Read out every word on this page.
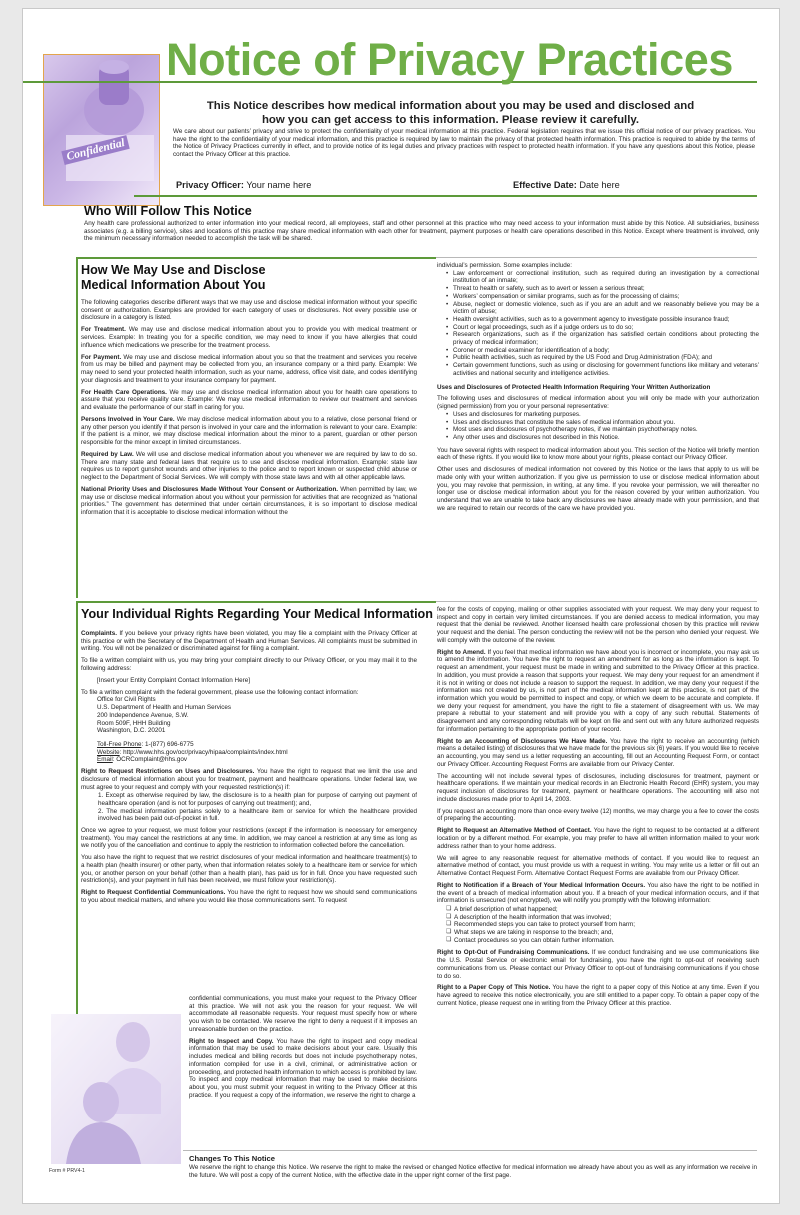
Confidential
Notice of Privacy Practices
This Notice describes how medical information about you may be used and disclosed and how you can get access to this information. Please review it carefully.
We care about our patients’ privacy and strive to protect the confidentiality of your medical information at this practice. Federal legislation requires that we issue this official notice of our privacy practices. You have the right to the confidentiality of your medical information, and this practice is required by law to maintain the privacy of that protected health information. This practice is required to abide by the terms of the Notice of Privacy Practices currently in effect, and to provide notice of its legal duties and privacy practices with respect to protected health information. If you have any questions about this Notice, please contact the Privacy Officer at this practice.
Privacy Officer: Your name here	Effective Date: Date here
Who Will Follow This Notice
Any health care professional authorized to enter information into your medical record, all employees, staff and other personnel at this practice who may need access to your information must abide by this Notice. All subsidiaries, business associates (e.g. a billing service), sites and locations of this practice may share medical information with each other for treatment, payment purposes or health care operations described in this Notice. Except where treatment is involved, only the minimum necessary information needed to accomplish the task will be shared.
How We May Use and Disclose Medical Information About You

The following categories describe different ways that we may use and disclose medical information without your specific consent or authorization. Examples are provided for each category of uses or disclosures. Not every possible use or disclosure in a category is listed.

For Treatment. We may use and disclose medical information about you to provide you with medical treatment or services. Example: In treating you for a specific condition, we may need to know if you have allergies that could influence which medications we prescribe for the treatment process.

For Payment. We may use and disclose medical information about you so that the treatment and services you receive from us may be billed and payment may be collected from you, an insurance company or a third party. Example: We may need to send your protected health information, such as your name, address, office visit date, and codes identifying your diagnosis and treatment to your insurance company for payment.

For Health Care Operations. We may use and disclose medical information about you for health care operations to assure that you receive quality care. Example: We may use medical information to review our treatment and services and evaluate the performance of our staff in caring for you.

Persons Involved in Your Care. We may disclose medical information about you to a relative, close personal friend or any other person you identify if that person is involved in your care and the information is relevant to your care. Example: If the patient is a minor, we may disclose medical information about the minor to a parent, guardian or other person responsible for the minor except in limited circumstances.

Required by Law. We will use and disclose medical information about you whenever we are required by law to do so. There are many state and federal laws that require us to use and disclose medical information. Example: state law requires us to report gunshot wounds and other injuries to the police and to report known or suspected child abuse or neglect to the Department of Social Services. We will comply with those state laws and with all other applicable laws.

National Priority Uses and Disclosures Made Without Your Consent or Authorization. When permitted by law, we may use or disclose medical information about you without your permission for activities that are recognized as “national priorities.” The government has determined that under certain circumstances, it is so important to disclose medical information that it is acceptable to disclose medical information without the

individual’s permission. Some examples include:
• Law enforcement or correctional institution, such as required during an investigation by a correctional institution of an inmate;
• Threat to health or safety, such as to avert or lessen a serious threat;
• Workers’ compensation or similar programs, such as for the processing of claims;
• Abuse, neglect or domestic violence, such as if you are an adult and we reasonably believe you may be a victim of abuse;
• Health oversight activities, such as to a government agency to investigate possible insurance fraud;
• Court or legal proceedings, such as if a judge orders us to do so;
• Research organizations, such as if the organization has satisfied certain conditions about protecting the privacy of medical information;
• Coroner or medical examiner for identification of a body;
• Public health activities, such as required by the US Food and Drug Administration (FDA); and
• Certain government functions, such as using or disclosing for government functions like military and veterans’ activities and national security and intelligence activities.

Uses and Disclosures of Protected Health Information Requiring Your Written Authorization

The following uses and disclosures of medical information about you will only be made with your authorization (signed permission) from you or your personal representative:
• Uses and disclosures for marketing purposes.
• Uses and disclosures that constitute the sales of medical information about you.
• Most uses and disclosures of psychotherapy notes, if we maintain psychotherapy notes.
• Any other uses and disclosures not described in this Notice.

You have several rights with respect to medical information about you. This section of the Notice will briefly mention each of these rights. If you would like to know more about your rights, please contact our Privacy Officer.

Other uses and disclosures of medical information not covered by this Notice or the laws that apply to us will be made only with your written authorization. If you give us permission to use or disclose medical information about you, you may revoke that permission, in writing, at any time. If you revoke your permission, we will thereafter no longer use or disclose medical information about you for the reason covered by your written authorization. You understand that we are unable to take back any disclosures we have already made with your permission, and that we are required to retain our records of the care we have provided you.

Your Individual Rights Regarding Your Medical Information

Complaints. If you believe your privacy rights have been violated, you may file a complaint with the Privacy Officer at this practice or with the Secretary of the Department of Health and Human Services. All complaints must be submitted in writing. You will not be penalized or discriminated against for filing a complaint.

To file a written complaint with us, you may bring your complaint directly to our Privacy Officer, or you may mail it to the following address:

[Insert your Entity Complaint Contact Information Here]

To file a written complaint with the federal government, please use the following contact information:
Office for Civil Rights
U.S. Department of Health and Human Services
200 Independence Avenue, S.W.
Room 509F, HHH Building
Washington, D.C. 20201
Toll-Free Phone: 1-(877) 696-6775
Website: http://www.hhs.gov/ocr/privacy/hipaa/complaints/index.html
Email: OCRComplaint@hhs.gov

Right to Request Restrictions on Uses and Disclosures. You have the right to request that we limit the use and disclosure of medical information about you for treatment, payment and healthcare operations. Under federal law, we must agree to your request and comply with your requested restriction(s) if:

1. Except as otherwise required by law, the disclosure is to a health plan for purpose of carrying out payment of healthcare operation (and is not for purposes of carrying out treatment); and,
2. The medical information pertains solely to a healthcare item or service for which the healthcare provided involved has been paid out-of-pocket in full.

Once we agree to your request, we must follow your restrictions (except if the information is necessary for emergency treatment). You may cancel the restrictions at any time. In addition, we may cancel a restriction at any time as long as we notify you of the cancellation and continue to apply the restriction to information collected before the cancellation.

You also have the right to request that we restrict disclosures of your medical information and healthcare treatment(s) to a health plan (health insurer) or other party, when that information relates solely to a healthcare item or service for which you, or another person on your behalf (other than a health plan), has paid us for in full. Once you have requested such restriction(s), and your payment in full has been received, we must follow your restriction(s).

Right to Request Confidential Communications. You have the right to request how we should send communications to you about medical matters, and where you would like those communications sent. To request

confidential communications, you must make your request to the Privacy Officer at this practice. We will not ask you the reason for your request. We will accommodate all reasonable requests. Your request must specify how or where you wish to be contacted. We reserve the right to deny a request if it imposes an unreasonable burden on the practice.

Right to Inspect and Copy. You have the right to inspect and copy medical information that may be used to make decisions about your care. Usually this includes medical and billing records but does not include psychotherapy notes, information compiled for use in a civil, criminal, or administrative action or proceeding, and protected health information to which access is prohibited by law. To inspect and copy medical information that may be used to make decisions about you, you must submit your request in writing to the Privacy Officer at this practice. If you request a copy of the information, we reserve the right to charge a

fee for the costs of copying, mailing or other supplies associated with your request. We may deny your request to inspect and copy in certain very limited circumstances. If you are denied access to medical information, you may request that the denial be reviewed. Another licensed health care professional chosen by this practice will review your request and the denial. The person conducting the review will not be the person who denied your request. We will comply with the outcome of the review.

Right to Amend. If you feel that medical information we have about you is incorrect or incomplete, you may ask us to amend the information. You have the right to request an amendment for as long as the information is kept. To request an amendment, your request must be made in writing and submitted to the Privacy Officer at this practice. In addition, you must provide a reason that supports your request. We may deny your request for an amendment if it is not in writing or does not include a reason to support the request. In addition, we may deny your request if the information was not created by us, is not part of the medical information kept at this practice, is not part of the information which you would be permitted to inspect and copy, or which we deem to be accurate and complete. If we deny your request for amendment, you have the right to file a statement of disagreement with us. We may prepare a rebuttal to your statement and will provide you with a copy of any such rebuttal. Statements of disagreement and any corresponding rebuttals will be kept on file and sent out with any future authorized requests for information pertaining to the appropriate portion of your record.

Right to an Accounting of Disclosures We Have Made. You have the right to receive an accounting (which means a detailed listing) of disclosures that we have made for the previous six (6) years. If you would like to receive an accounting, you may send us a letter requesting an accounting, fill out an Accounting Request Form, or contact our Privacy Officer. Accounting Request Forms are available from our Privacy Center.

The accounting will not include several types of disclosures, including disclosures for treatment, payment or healthcare operations. If we maintain your medical records in an Electronic Health Record (EHR) system, you may request inclusion of disclosures for treatment, payment or healthcare operations. The accounting will also not include disclosures made prior to April 14, 2003.

If you request an accounting more than once every twelve (12) months, we may charge you a fee to cover the costs of preparing the accounting.

Right to Request an Alternative Method of Contact. You have the right to request to be contacted at a different location or by a different method. For example, you may prefer to have all written information mailed to your work address rather than to your home address.

We will agree to any reasonable request for alternative methods of contact. If you would like to request an alternative method of contact, you must provide us with a request in writing. You may write us a letter or fill out an Alternative Contact Request Form. Alternative Contact Request Forms are available from our Privacy Officer.

Right to Notification if a Breach of Your Medical Information Occurs. You also have the right to be notified in the event of a breach of medical information about you. If a breach of your medical information occurs, and if that information is unsecured (not encrypted), we will notify you promptly with the following information:

❏ A brief description of what happened;
❏ A description of the health information that was involved;
❏ Recommended steps you can take to protect yourself from harm;
❏ What steps we are taking in response to the breach; and,
❏ Contact procedures so you can obtain further information.

Right to Opt-Out of Fundraising Communications. If we conduct fundraising and we use communications like the U.S. Postal Service or electronic email for fundraising, you have the right to opt-out of receiving such communications from us. Please contact our Privacy Officer to opt-out of fundraising communications if you chose to do so.

Right to a Paper Copy of This Notice. You have the right to a paper copy of this Notice at any time. Even if you have agreed to receive this notice electronically, you are still entitled to a paper copy. To obtain a paper copy of the current Notice, please request one in writing from the Privacy Officer at this practice.

Changes To This Notice
We reserve the right to change this Notice. We reserve the right to make the revised or changed Notice effective for medical information we already have about you as well as any information we receive in the future. We will post a copy of the current Notice, with the effective date in the upper right corner of the first page.
Form # PRV4-1
